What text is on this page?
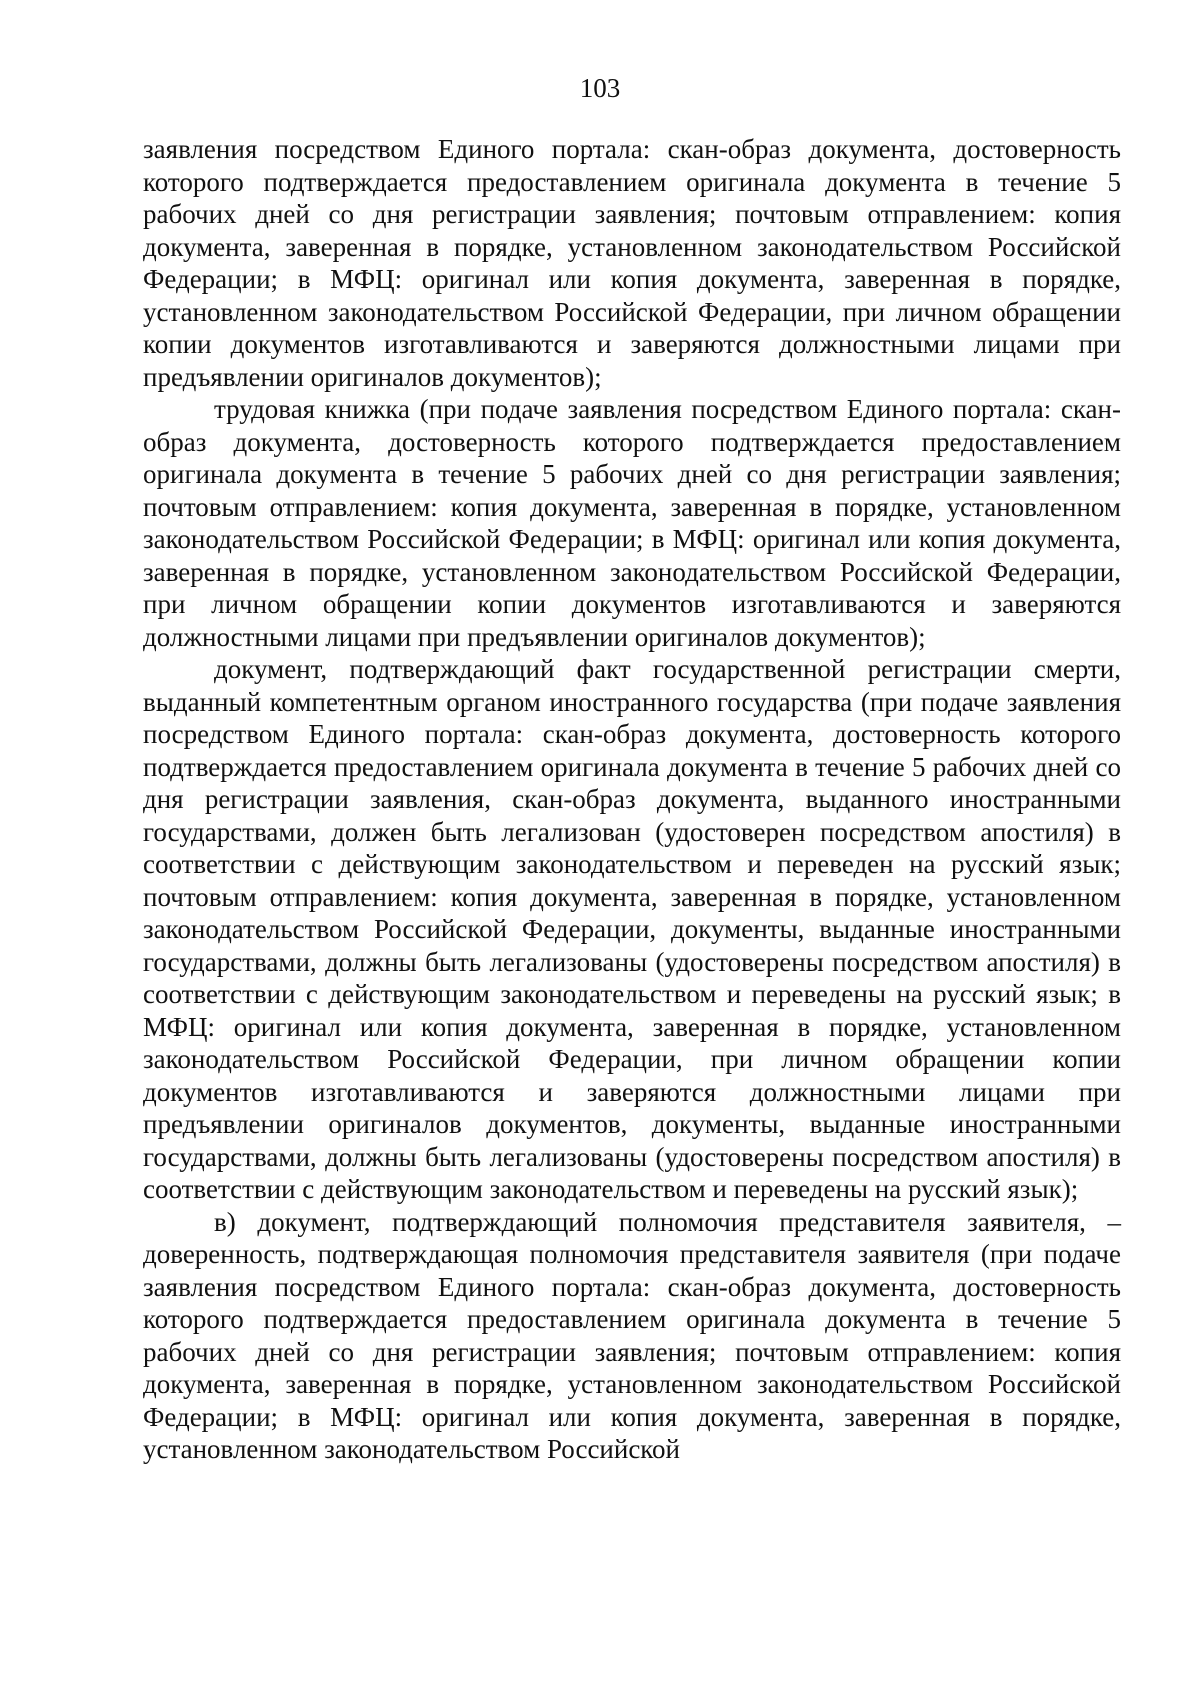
103

заявления посредством Единого портала: скан-образ документа, достоверность которого подтверждается предоставлением оригинала документа в течение 5 рабочих дней со дня регистрации заявления; почтовым отправлением: копия документа, заверенная в порядке, установленном законодательством Российской Федерации; в МФЦ: оригинал или копия документа, заверенная в порядке, установленном законодательством Российской Федерации, при личном обращении копии документов изготавливаются и заверяются должностными лицами при предъявлении оригиналов документов);

трудовая книжка (при подаче заявления посредством Единого портала: скан-образ документа, достоверность которого подтверждается предоставлением оригинала документа в течение 5 рабочих дней со дня регистрации заявления; почтовым отправлением: копия документа, заверенная в порядке, установленном законодательством Российской Федерации; в МФЦ: оригинал или копия документа, заверенная в порядке, установленном законодательством Российской Федерации, при личном обращении копии документов изготавливаются и заверяются должностными лицами при предъявлении оригиналов документов);

документ, подтверждающий факт государственной регистрации смерти, выданный компетентным органом иностранного государства (при подаче заявления посредством Единого портала: скан-образ документа, достоверность которого подтверждается предоставлением оригинала документа в течение 5 рабочих дней со дня регистрации заявления, скан-образ документа, выданного иностранными государствами, должен быть легализован (удостоверен посредством апостиля) в соответствии с действующим законодательством и переведен на русский язык; почтовым отправлением: копия документа, заверенная в порядке, установленном законодательством Российской Федерации, документы, выданные иностранными государствами, должны быть легализованы (удостоверены посредством апостиля) в соответствии с действующим законодательством и переведены на русский язык; в МФЦ: оригинал или копия документа, заверенная в порядке, установленном законодательством Российской Федерации, при личном обращении копии документов изготавливаются и заверяются должностными лицами при предъявлении оригиналов документов, документы, выданные иностранными государствами, должны быть легализованы (удостоверены посредством апостиля) в соответствии с действующим законодательством и переведены на русский язык);

в) документ, подтверждающий полномочия представителя заявителя, – доверенность, подтверждающая полномочия представителя заявителя (при подаче заявления посредством Единого портала: скан-образ документа, достоверность которого подтверждается предоставлением оригинала документа в течение 5 рабочих дней со дня регистрации заявления; почтовым отправлением: копия документа, заверенная в порядке, установленном законодательством Российской Федерации; в МФЦ: оригинал или копия документа, заверенная в порядке, установленном законодательством Российской
